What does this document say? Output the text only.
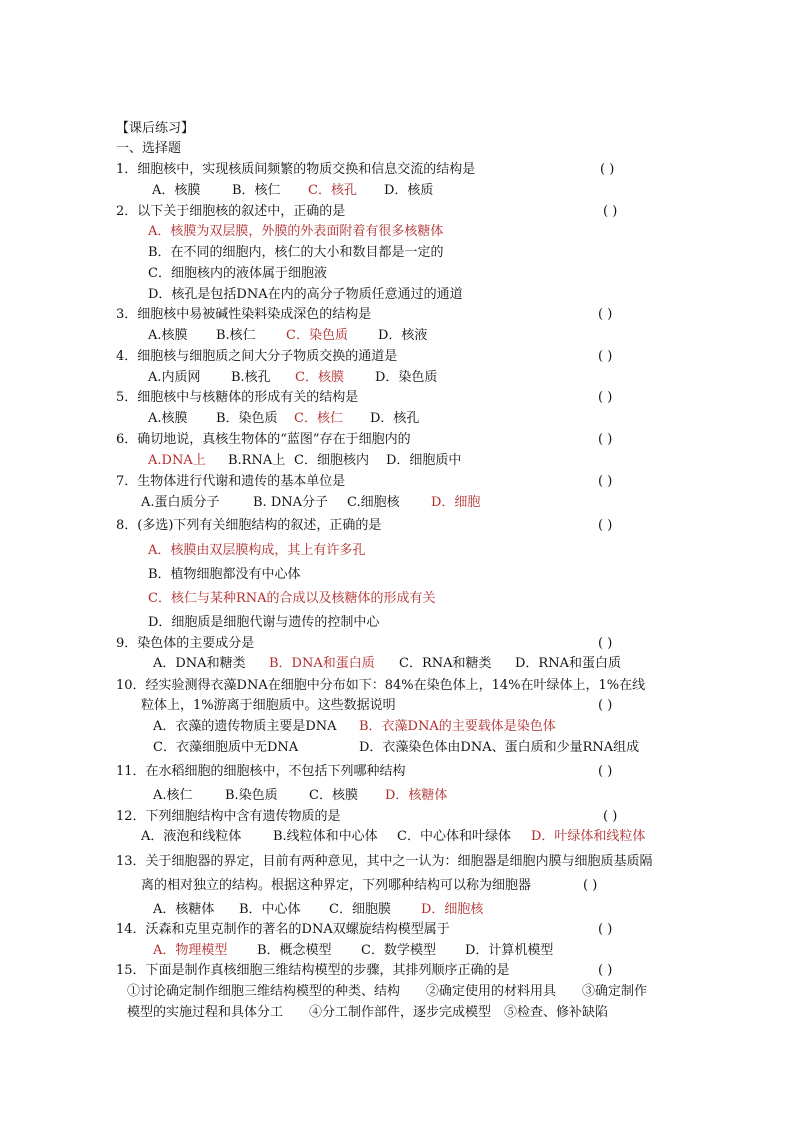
【课后练习】
一、选择题
1．细胞核中，实现核质间频繁的物质交换和信息交流的结构是	( )
A．核膜 B．核仁 C．核孔 D．核质
2．以下关于细胞核的叙述中，正确的是	( )
A．核膜为双层膜，外膜的外表面附着有很多核糖体
B．在不同的细胞内，核仁的大小和数目都是一定的
C．细胞核内的液体属于细胞液
D．核孔是包括DNA在内的高分子物质任意通过的通道
3．细胞核中易被碱性染料染成深色的结构是	( )
A.核膜 B.核仁 C．染色质 D．核液
4．细胞核与细胞质之间大分子物质交换的通道是	( )
A.内质网 B.核孔 C．核膜 D．染色质
5．细胞核中与核糖体的形成有关的结构是	( )
A.核膜 B．染色质 C．核仁 D．核孔
6．确切地说，真核生物体的“蓝图”存在于细胞内的	( )
A.DNA上 B.RNA上 C．细胞核内 D．细胞质中
7．生物体进行代谢和遗传的基本单位是	( )
A.蛋白质分子	B. DNA分子 C.细胞核 D．细胞
8．(多选)下列有关细胞结构的叙述，正确的是	( )
A．核膜由双层膜构成，其上有许多孔
B．植物细胞都没有中心体
C．核仁与某种RNA的合成以及核糖体的形成有关
D．细胞质是细胞代谢与遗传的控制中心
9．染色体的主要成分是	( )
A．DNA和糖类 B．DNA和蛋白质 C．RNA和糖类 D．RNA和蛋白质
10．经实验测得衣藻DNA在细胞中分布如下：84%在染色体上，14%在叶绿体上，1%在线
粒体上，1%游离于细胞质中。这些数据说明	( )
A．衣藻的遗传物质主要是DNA B．衣藻DNA的主要载体是染色体
C．衣藻细胞质中无DNA	D．衣藻染色体由DNA、蛋白质和少量RNA组成
11．在水稻细胞的细胞核中，不包括下列哪种结构	( )
A.核仁 B.染色质 C．核膜 D．核糖体
12．下列细胞结构中含有遗传物质的是	( )
A．液泡和线粒体 B.线粒体和中心体 C．中心体和叶绿体 D．叶绿体和线粒体
13．关于细胞器的界定，目前有两种意见，其中之一认为：细胞器是细胞内膜与细胞质基质隔
离的相对独立的结构。根据这种界定，下列哪种结构可以称为细胞器	( )
A．核糖体 B．中心体 C．细胞膜 D．细胞核
14．沃森和克里克制作的著名的DNA双螺旋结构模型属于	( )
A．物理模型 B．概念模型 C．数学模型 D．计算机模型
15．下面是制作真核细胞三维结构模型的步骤，其排列顺序正确的是	( )
①讨论确定制作细胞三维结构模型的种类、结构　　②确定使用的材料用具　　③确定制作
模型的实施过程和具体分工　　④分工制作部件，逐步完成模型　⑤检查、修补缺陷
